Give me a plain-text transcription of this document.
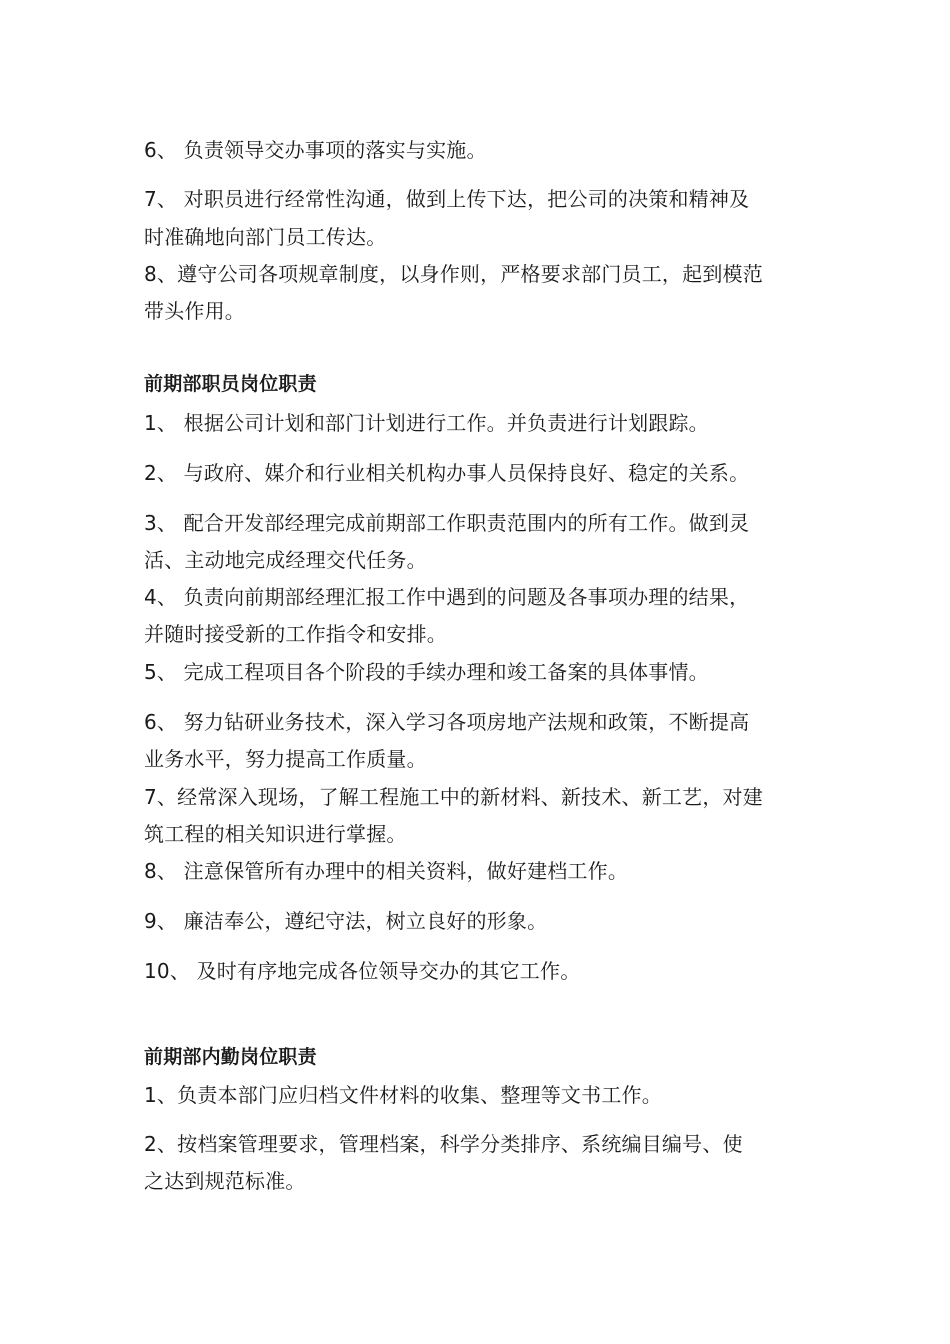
6、 负责领导交办事项的落实与实施。
7、 对职员进行经常性沟通，做到上传下达，把公司的决策和精神及
时准确地向部门员工传达。
8、遵守公司各项规章制度，以身作则，严格要求部门员工，起到模范
带头作用。
前期部职员岗位职责
1、 根据公司计划和部门计划进行工作。并负责进行计划跟踪。
2、 与政府、媒介和行业相关机构办事人员保持良好、稳定的关系。
3、 配合开发部经理完成前期部工作职责范围内的所有工作。做到灵
活、主动地完成经理交代任务。
4、 负责向前期部经理汇报工作中遇到的问题及各事项办理的结果，
并随时接受新的工作指令和安排。
5、 完成工程项目各个阶段的手续办理和竣工备案的具体事情。
6、 努力钻研业务技术，深入学习各项房地产法规和政策，不断提高
业务水平，努力提高工作质量。
7、经常深入现场，了解工程施工中的新材料、新技术、新工艺，对建
筑工程的相关知识进行掌握。
8、 注意保管所有办理中的相关资料，做好建档工作。
9、 廉洁奉公，遵纪守法，树立良好的形象。
10、 及时有序地完成各位领导交办的其它工作。
前期部内勤岗位职责
1、负责本部门应归档文件材料的收集、整理等文书工作。
2、按档案管理要求，管理档案，科学分类排序、系统编目编号、使
之达到规范标准。
